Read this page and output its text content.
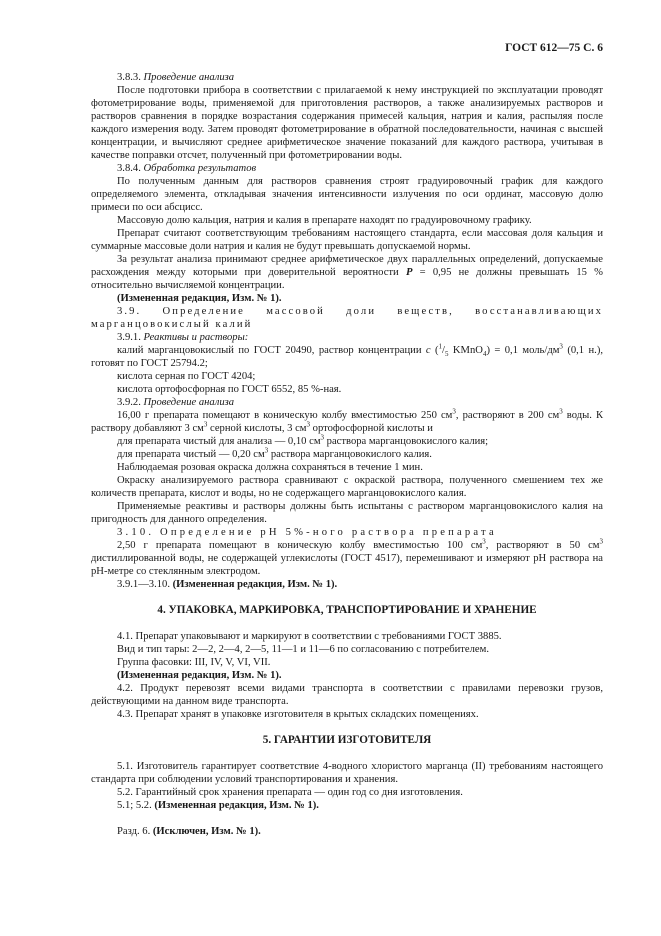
ГОСТ 612—75 С. 6

3.8.3. Проведение анализа

После подготовки прибора в соответствии с прилагаемой к нему инструкцией по эксплуатации проводят фотометрирование воды, применяемой для приготовления растворов, а также анализируемых растворов и растворов сравнения в порядке возрастания содержания примесей кальция, натрия и калия, распыляя после каждого измерения воду. Затем проводят фотометрирование в обратной последовательности, начиная с высшей концентрации, и вычисляют среднее арифметическое значение показаний для каждого раствора, учитывая в качестве поправки отсчет, полученный при фотометрировании воды.

3.8.4. Обработка результатов

По полученным данным для растворов сравнения строят градуировочный график для каждого определяемого элемента, откладывая значения интенсивности излучения по оси ординат, массовую долю примеси по оси абсцисс.

Массовую долю кальция, натрия и калия в препарате находят по градуировочному графику.

Препарат считают соответствующим требованиям настоящего стандарта, если массовая доля кальция и суммарные массовые доли натрия и калия не будут превышать допускаемой нормы.

За результат анализа принимают среднее арифметическое двух параллельных определений, допускаемые расхождения между которыми при доверительной вероятности P = 0,95 не должны превышать 15 % относительно вычисляемой концентрации.

(Измененная редакция, Изм. № 1).

3.9. Определение массовой доли веществ, восстанавливающих марганцовокислый калий

3.9.1. Реактивы и растворы:

калий марганцовокислый по ГОСТ 20490, раствор концентрации c ($^1/_5$ KMnO$_4$) = 0,1 моль/$дм^3$ (0,1 н.), готовят по ГОСТ 25794.2;

кислота серная по ГОСТ 4204;

кислота ортофосфорная по ГОСТ 6552, 85 %-ная.

3.9.2. Проведение анализа

16,00 г препарата помещают в коническую колбу вместимостью 250 $см^3$, растворяют в 200 $см^3$ воды. К раствору добавляют 3 $см^3$ серной кислоты, 3 $см^3$ ортофосфорной кислоты и

для препарата чистый для анализа — 0,10 $см^3$ раствора марганцовокислого калия;

для препарата чистый — 0,20 $см^3$ раствора марганцовокислого калия.

Наблюдаемая розовая окраска должна сохраняться в течение 1 мин.

Окраску анализируемого раствора сравнивают с окраской раствора, полученного смешением тех же количеств препарата, кислот и воды, но не содержащего марганцовокислого калия.

Применяемые реактивы и растворы должны быть испытаны с раствором марганцовокислого калия на пригодность для данного определения.

3.10. Определение pH 5%-ного раствора препарата

2,50 г препарата помещают в коническую колбу вместимостью 100 $см^3$, растворяют в 50 $см^3$ дистиллированной воды, не содержащей углекислоты (ГОСТ 4517), перемешивают и измеряют pH раствора на pH-метре со стеклянным электродом.

3.9.1—3.10. (Измененная редакция, Изм. № 1).

4. УПАКОВКА, МАРКИРОВКА, ТРАНСПОРТИРОВАНИЕ И ХРАНЕНИЕ

4.1. Препарат упаковывают и маркируют в соответствии с требованиями ГОСТ 3885.

Вид и тип тары: 2—2, 2—4, 2—5, 11—1 и 11—6 по согласованию с потребителем.

Группа фасовки: III, IV, V, VI, VII.

(Измененная редакция, Изм. № 1).

4.2. Продукт перевозят всеми видами транспорта в соответствии с правилами перевозки грузов, действующими на данном виде транспорта.

4.3. Препарат хранят в упаковке изготовителя в крытых складских помещениях.

5. ГАРАНТИИ ИЗГОТОВИТЕЛЯ

5.1. Изготовитель гарантирует соответствие 4-водного хлористого марганца (II) требованиям настоящего стандарта при соблюдении условий транспортирования и хранения.

5.2. Гарантийный срок хранения препарата — один год со дня изготовления.

5.1; 5.2. (Измененная редакция, Изм. № 1).

Разд. 6. (Исключен, Изм. № 1).
